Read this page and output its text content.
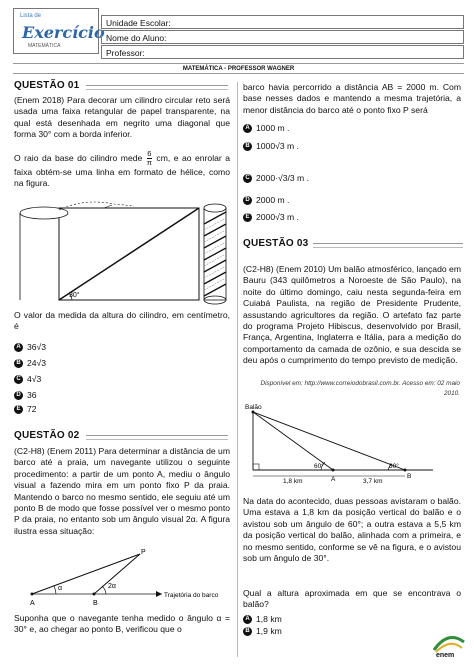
Lista de
Exercício
MATEMÁTICA
Unidade Escolar:
Nome do Aluno:
Professor:
MATEMÁTICA - PROFESSOR WAGNER
QUESTÃO 01
(Enem 2018) Para decorar um cilindro circular reto será usada uma faixa retangular de papel transparente, na qual está desenhada em negrito uma diagonal que forma 30° com a borda inferior.
O raio da base do cilindro mede $\frac{6}{\pi}$ cm, e ao enrolar a faixa obtém-se uma linha em formato de hélice, como na figura.
30°
O valor da medida da altura do cilindro, em centímetro, é
A 36√3
B 24√3
C 4√3
D 36
E 72
QUESTÃO 02
(C2-H8) (Enem 2011) Para determinar a distância de um barco até a praia, um navegante utilizou o seguinte procedimento: a partir de um ponto A, mediu o ângulo visual a fazendo mira em um ponto fixo P da praia. Mantendo o barco no mesmo sentido, ele seguiu até um ponto B de modo que fosse possível ver o mesmo ponto P da praia, no entanto sob um ângulo visual 2α. A figura ilustra essa situação:
P
A	B
α	2α
Trajetória do barco
Suponha que o navegante tenha medido o ângulo α = 30° e, ao chegar ao ponto B, verificou que o
barco havia percorrido a distância AB = 2000 m. Com base nesses dados e mantendo a mesma trajetória, a menor distância do barco até o ponto fixo P será
A 1000 m .
B 1000√3 m .
C 2000·√3/3 m .
D 2000 m .
E 2000√3 m .
QUESTÃO 03
(C2-H8) (Enem 2010) Um balão atmosférico, lançado em Bauru (343 quilômetros a Noroeste de São Paulo), na noite do último domingo, caiu nesta segunda-feira em Cuiabá Paulista, na região de Presidente Prudente, assustando agricultores da região. O artefato faz parte do programa Projeto Hibiscus, desenvolvido por Brasil, França, Argentina, Inglaterra e Itália, para a medição do comportamento da camada de ozônio, e sua descida se deu após o cumprimento do tempo previsto de medição.
Disponível em: http://www.correiodobrasil.com.br. Acesso em: 02 maio 2010.
Balão
A	B
60°	30°
1,8 km	3,7 km
Na data do acontecido, duas pessoas avistaram o balão. Uma estava a 1,8 km da posição vertical do balão e o avistou sob um ângulo de 60°; a outra estava a 5,5 km da posição vertical do balão, alinhada com a primeira, e no mesmo sentido, conforme se vê na figura, e o avistou sob um ângulo de 30°.
Qual a altura aproximada em que se encontrava o balão?
A 1,8 km
B 1,9 km
enem
